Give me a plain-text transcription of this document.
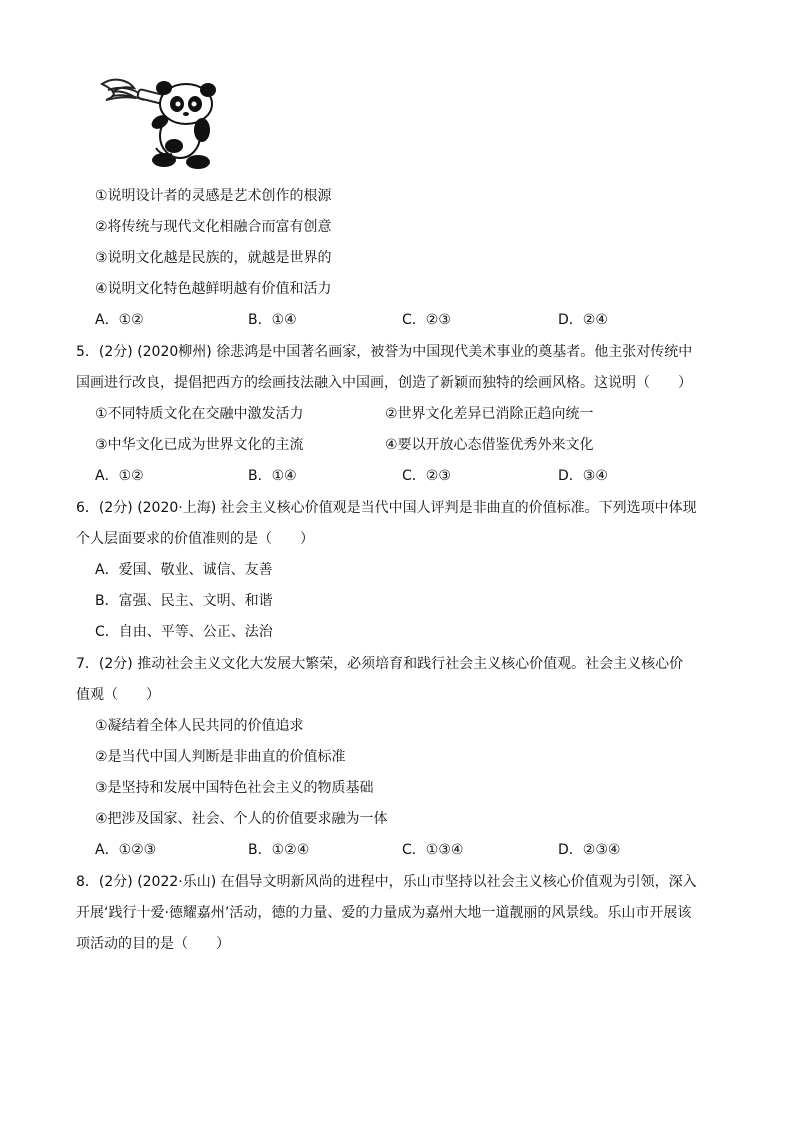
①说明设计者的灵感是艺术创作的根源
②将传统与现代文化相融合而富有创意
③说明文化越是民族的，就越是世界的
④说明文化特色越鲜明越有价值和活力
A．①②	B．①④	C．②③	D．②④
5．(2分) (2020柳州) 徐悲鸿是中国著名画家，被誉为中国现代美术事业的奠基者。他主张对传统中
国画进行改良，提倡把西方的绘画技法融入中国画，创造了新颖而独特的绘画风格。这说明（　　）
①不同特质文化在交融中激发活力	②世界文化差异已消除正趋向统一
③中华文化已成为世界文化的主流	④要以开放心态借鉴优秀外来文化
A．①②	B．①④	C．②③	D．③④
6．(2分) (2020·上海) 社会主义核心价值观是当代中国人评判是非曲直的价值标准。下列选项中体现
个人层面要求的价值准则的是（　　）
A．爱国、敬业、诚信、友善
B．富强、民主、文明、和谐
C．自由、平等、公正、法治
7．(2分) 推动社会主义文化大发展大繁荣，必须培育和践行社会主义核心价值观。社会主义核心价
值观（　　）
①凝结着全体人民共同的价值追求
②是当代中国人判断是非曲直的价值标准
③是坚持和发展中国特色社会主义的物质基础
④把涉及国家、社会、个人的价值要求融为一体
A．①②③	B．①②④	C．①③④	D．②③④
8．(2分) (2022·乐山) 在倡导文明新风尚的进程中，乐山市坚持以社会主义核心价值观为引领，深入
开展‘践行十爱·德耀嘉州’活动，德的力量、爱的力量成为嘉州大地一道靓丽的风景线。乐山市开展该
项活动的目的是（　　）
